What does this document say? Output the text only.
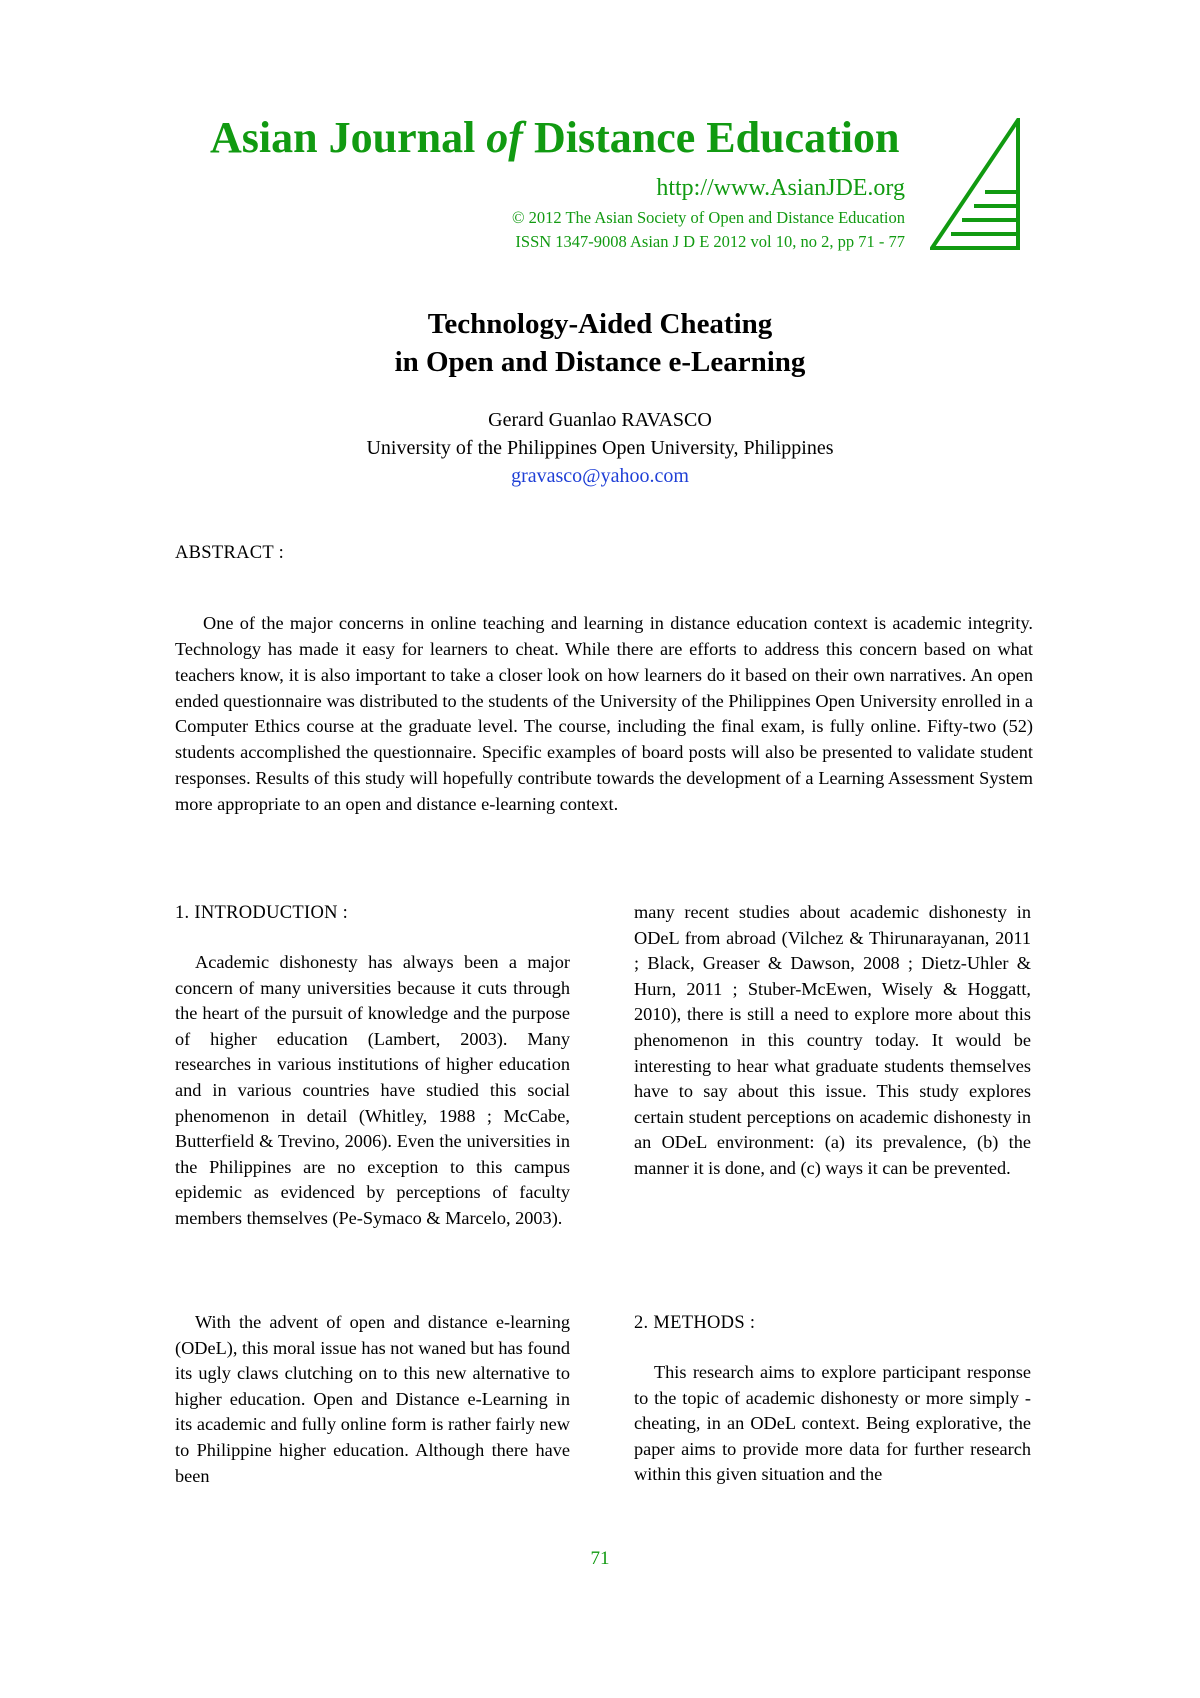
Asian Journal of Distance Education
http://www.AsianJDE.org
© 2012 The Asian Society of Open and Distance Education
ISSN 1347-9008 Asian J D E 2012 vol 10, no 2, pp 71 - 77
Technology-Aided Cheating
in Open and Distance e-Learning
Gerard Guanlao RAVASCO
University of the Philippines Open University, Philippines
gravasco@yahoo.com
ABSTRACT :

One of the major concerns in online teaching and learning in distance education context is academic integrity. Technology has made it easy for learners to cheat. While there are efforts to address this concern based on what teachers know, it is also important to take a closer look on how learners do it based on their own narratives. An open ended questionnaire was distributed to the students of the University of the Philippines Open University enrolled in a Computer Ethics course at the graduate level. The course, including the final exam, is fully online. Fifty-two (52) students accomplished the questionnaire. Specific examples of board posts will also be presented to validate student responses. Results of this study will hopefully contribute towards the development of a Learning Assessment System more appropriate to an open and distance e-learning context.

1. INTRODUCTION :

Academic dishonesty has always been a major concern of many universities because it cuts through the heart of the pursuit of knowledge and the purpose of higher education (Lambert, 2003). Many researches in various institutions of higher education and in various countries have studied this social phenomenon in detail (Whitley, 1988 ; McCabe, Butterfield & Trevino, 2006). Even the universities in the Philippines are no exception to this campus epidemic as evidenced by perceptions of faculty members themselves (Pe-Symaco & Marcelo, 2003).

With the advent of open and distance e-learning (ODeL), this moral issue has not waned but has found its ugly claws clutching on to this new alternative to higher education. Open and Distance e-Learning in its academic and fully online form is rather fairly new to Philippine higher education. Although there have been

many recent studies about academic dishonesty in ODeL from abroad (Vilchez & Thirunarayanan, 2011 ; Black, Greaser & Dawson, 2008 ; Dietz-Uhler & Hurn, 2011 ; Stuber-McEwen, Wisely & Hoggatt, 2010), there is still a need to explore more about this phenomenon in this country today. It would be interesting to hear what graduate students themselves have to say about this issue. This study explores certain student perceptions on academic dishonesty in an ODeL environment: (a) its prevalence, (b) the manner it is done, and (c) ways it can be prevented.

2. METHODS :

This research aims to explore participant response to the topic of academic dishonesty or more simply - cheating, in an ODeL context. Being explorative, the paper aims to provide more data for further research within this given situation and the

71
